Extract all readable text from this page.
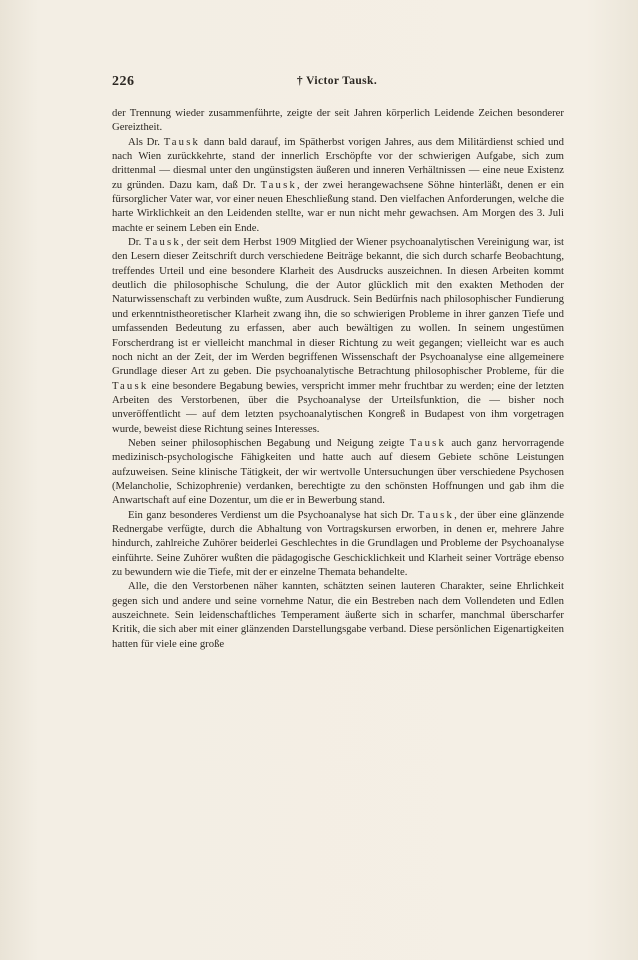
226	† Victor Tausk.

der Trennung wieder zusammenführte, zeigte der seit Jahren körperlich Leidende Zeichen besonderer Gereiztheit.

Als Dr. Tausk dann bald darauf, im Spätherbst vorigen Jahres, aus dem Militärdienst schied und nach Wien zurückkehrte, stand der innerlich Erschöpfte vor der schwierigen Aufgabe, sich zum drittenmal — diesmal unter den ungünstigsten äußeren und inneren Verhältnissen — eine neue Existenz zu gründen. Dazu kam, daß Dr. Tausk, der zwei herangewachsene Söhne hinterläßt, denen er ein fürsorglicher Vater war, vor einer neuen Eheschließung stand. Den vielfachen Anforderungen, welche die harte Wirklichkeit an den Leidenden stellte, war er nun nicht mehr gewachsen. Am Morgen des 3. Juli machte er seinem Leben ein Ende.

Dr. Tausk, der seit dem Herbst 1909 Mitglied der Wiener psychoanalytischen Vereinigung war, ist den Lesern dieser Zeitschrift durch verschiedene Beiträge bekannt, die sich durch scharfe Beobachtung, treffendes Urteil und eine besondere Klarheit des Ausdrucks auszeichnen. In diesen Arbeiten kommt deutlich die philosophische Schulung, die der Autor glücklich mit den exakten Methoden der Naturwissenschaft zu verbinden wußte, zum Ausdruck. Sein Bedürfnis nach philosophischer Fundierung und erkenntnistheoretischer Klarheit zwang ihn, die so schwierigen Probleme in ihrer ganzen Tiefe und umfassenden Bedeutung zu erfassen, aber auch bewältigen zu wollen. In seinem ungestümen Forscherdrang ist er vielleicht manchmal in dieser Richtung zu weit gegangen; vielleicht war es auch noch nicht an der Zeit, der im Werden begriffenen Wissenschaft der Psychoanalyse eine allgemeinere Grundlage dieser Art zu geben. Die psychoanalytische Betrachtung philosophischer Probleme, für die Tausk eine besondere Begabung bewies, verspricht immer mehr fruchtbar zu werden; eine der letzten Arbeiten des Verstorbenen, über die Psychoanalyse der Urteilsfunktion, die — bisher noch unveröffentlicht — auf dem letzten psychoanalytischen Kongreß in Budapest von ihm vorgetragen wurde, beweist diese Richtung seines Interesses.

Neben seiner philosophischen Begabung und Neigung zeigte Tausk auch ganz hervorragende medizinisch-psychologische Fähigkeiten und hatte auch auf diesem Gebiete schöne Leistungen aufzuweisen. Seine klinische Tätigkeit, der wir wertvolle Untersuchungen über verschiedene Psychosen (Melancholie, Schizophrenie) verdanken, berechtigte zu den schönsten Hoffnungen und gab ihm die Anwartschaft auf eine Dozentur, um die er in Bewerbung stand.

Ein ganz besonderes Verdienst um die Psychoanalyse hat sich Dr. Tausk, der über eine glänzende Rednergabe verfügte, durch die Abhaltung von Vortragskursen erworben, in denen er, mehrere Jahre hindurch, zahlreiche Zuhörer beiderlei Geschlechtes in die Grundlagen und Probleme der Psychoanalyse einführte. Seine Zuhörer wußten die pädagogische Geschicklichkeit und Klarheit seiner Vorträge ebenso zu bewundern wie die Tiefe, mit der er einzelne Themata behandelte.

Alle, die den Verstorbenen näher kannten, schätzten seinen lauteren Charakter, seine Ehrlichkeit gegen sich und andere und seine vornehme Natur, die ein Bestreben nach dem Vollendeten und Edlen auszeichnete. Sein leidenschaftliches Temperament äußerte sich in scharfer, manchmal überscharfer Kritik, die sich aber mit einer glänzenden Darstellungsgabe verband. Diese persönlichen Eigenartigkeiten hatten für viele eine große
